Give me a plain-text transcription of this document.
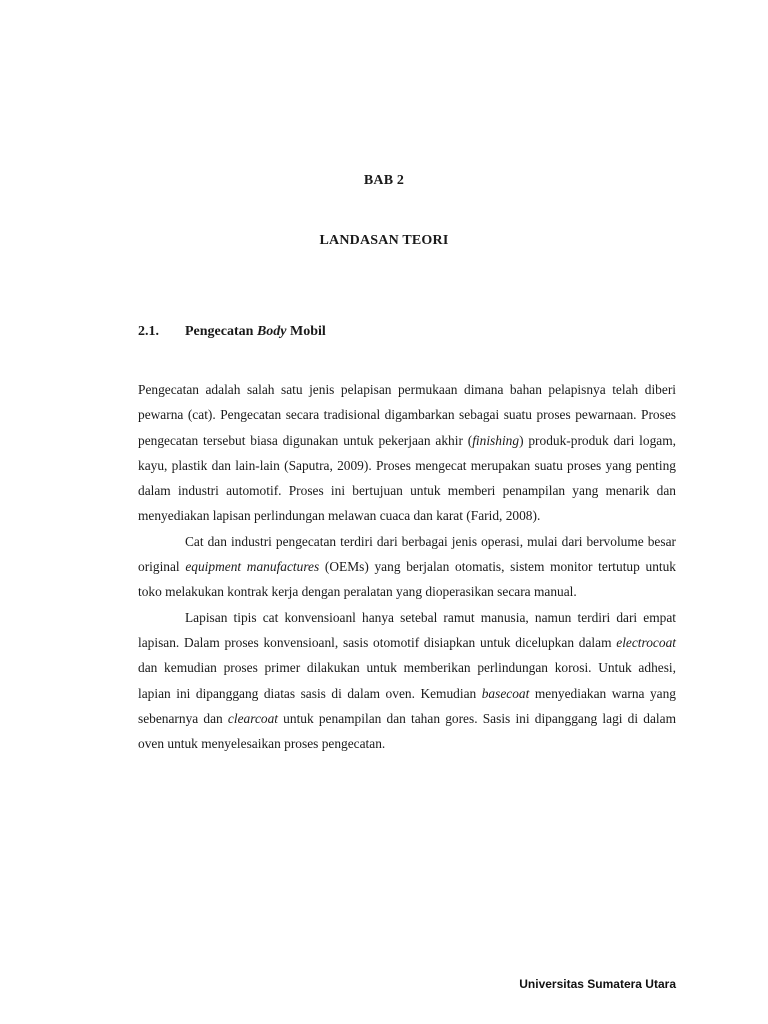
BAB 2
LANDASAN TEORI
2.1. Pengecatan Body Mobil

Pengecatan adalah salah satu jenis pelapisan permukaan dimana bahan pelapisnya telah diberi pewarna (cat). Pengecatan secara tradisional digambarkan sebagai suatu proses pewarnaan. Proses pengecatan tersebut biasa digunakan untuk pekerjaan akhir (finishing) produk-produk dari logam, kayu, plastik dan lain-lain (Saputra, 2009). Proses mengecat merupakan suatu proses yang penting dalam industri automotif. Proses ini bertujuan untuk memberi penampilan yang menarik dan menyediakan lapisan perlindungan melawan cuaca dan karat (Farid, 2008).

Cat dan industri pengecatan terdiri dari berbagai jenis operasi, mulai dari bervolume besar original equipment manufactures (OEMs) yang berjalan otomatis, sistem monitor tertutup untuk toko melakukan kontrak kerja dengan peralatan yang dioperasikan secara manual.

Lapisan tipis cat konvensioanl hanya setebal ramut manusia, namun terdiri dari empat lapisan. Dalam proses konvensioanl, sasis otomotif disiapkan untuk dicelupkan dalam electrocoat dan kemudian proses primer dilakukan untuk memberikan perlindungan korosi. Untuk adhesi, lapian ini dipanggang diatas sasis di dalam oven. Kemudian basecoat menyediakan warna yang sebenarnya dan clearcoat untuk penampilan dan tahan gores. Sasis ini dipanggang lagi di dalam oven untuk menyelesaikan proses pengecatan.

Universitas Sumatera Utara
